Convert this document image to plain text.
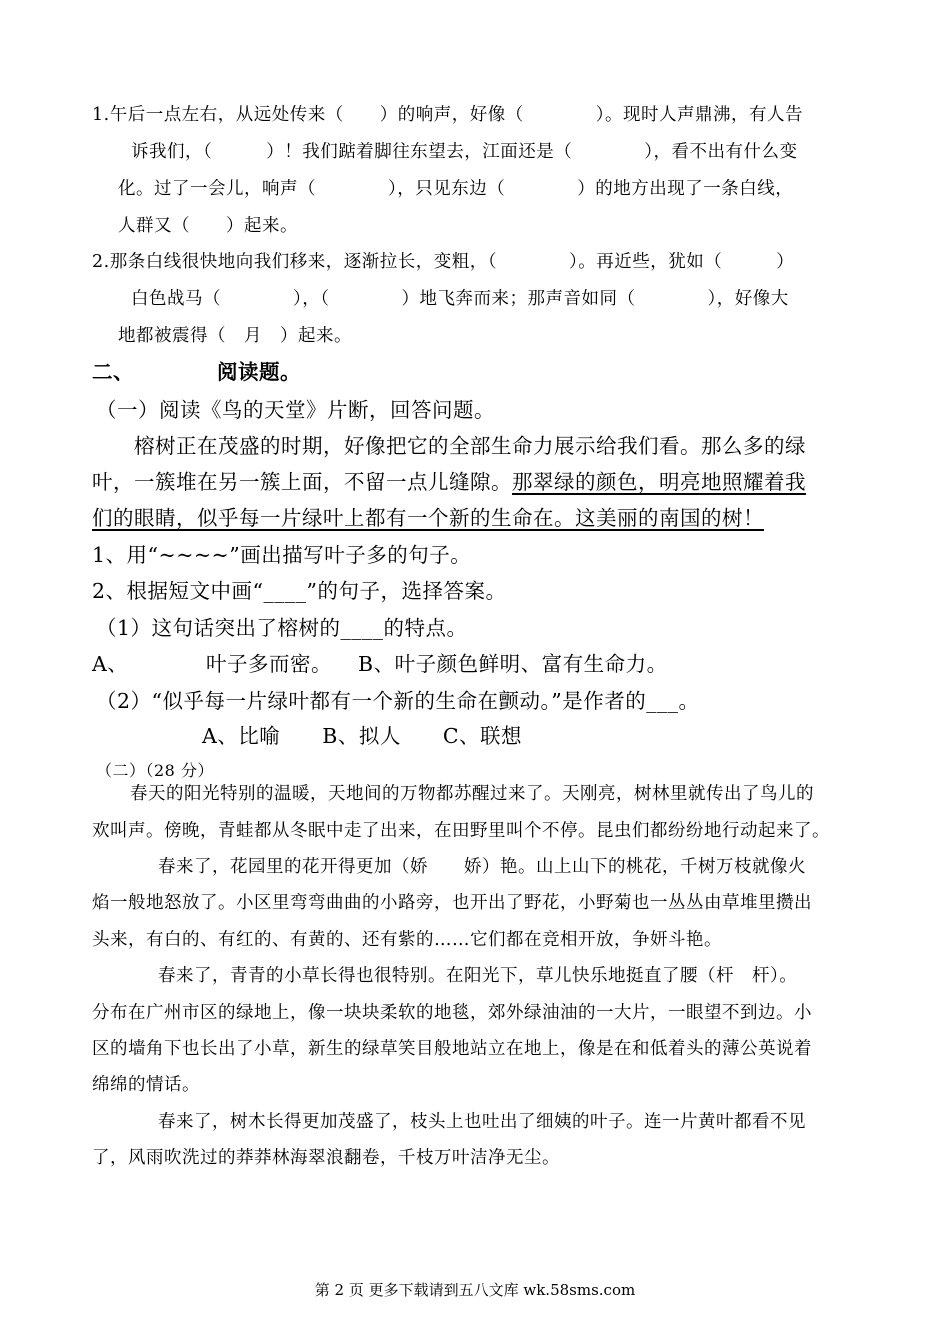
1.午后一点左右，从远处传来（　　）的响声，好像（　　　　）。现时人声鼎沸，有人告
诉我们，（　　　）！我们踮着脚往东望去，江面还是（　　　　），看不出有什么变
化。过了一会儿，响声（　　　　），只见东边（　　　　）的地方出现了一条白线，
人群又（　　）起来。
2.那条白线很快地向我们移来，逐渐拉长，变粗，（　　　　）。再近些，犹如（　　　）
白色战马（　　　　），（　　　　）地飞奔而来；那声音如同（　　　　），好像大
地都被震得（　月　）起来。
二、	阅读题。
（一）阅读《鸟的天堂》片断，回答问题。
榕树正在茂盛的时期，好像把它的全部生命力展示给我们看。那么多的绿
叶，一簇堆在另一簇上面，不留一点儿缝隙。那翠绿的颜色，明亮地照耀着我
们的眼睛，似乎每一片绿叶上都有一个新的生命在。这美丽的南国的树！
1、用“~~~~”画出描写叶子多的句子。
2、根据短文中画“____”的句子，选择答案。
（1）这句话突出了榕树的____的特点。
A、	叶子多而密。 B、叶子颜色鲜明、富有生命力。
（2）“似乎每一片绿叶都有一个新的生命在颤动。”是作者的___。
A、比喻　　B、拟人　　C、联想
（二）（28 分）
春天的阳光特别的温暖，天地间的万物都苏醒过来了。天刚亮，树林里就传出了鸟儿的
欢叫声。傍晚，青蛙都从冬眠中走了出来，在田野里叫个不停。昆虫们都纷纷地行动起来了。
春来了，花园里的花开得更加（娇　　娇）艳。山上山下的桃花，千树万枝就像火
焰一般地怒放了。小区里弯弯曲曲的小路旁，也开出了野花，小野菊也一丛丛由草堆里攒出
头来，有白的、有红的、有黄的、还有紫的……它们都在竞相开放，争妍斗艳。
春来了，青青的小草长得也很特别。在阳光下，草儿快乐地挺直了腰（杆　杆）。
分布在广州市区的绿地上，像一块块柔软的地毯，郊外绿油油的一大片，一眼望不到边。小
区的墙角下也长出了小草，新生的绿草笑目般地站立在地上，像是在和低着头的薄公英说着
绵绵的情话。
春来了，树木长得更加茂盛了，枝头上也吐出了细姨的叶子。连一片黄叶都看不见
了，风雨吹洗过的莽莽林海翠浪翻卷，千枝万叶洁净无尘。
第 2 页 更多下载请到五八文库 wk.58sms.com
